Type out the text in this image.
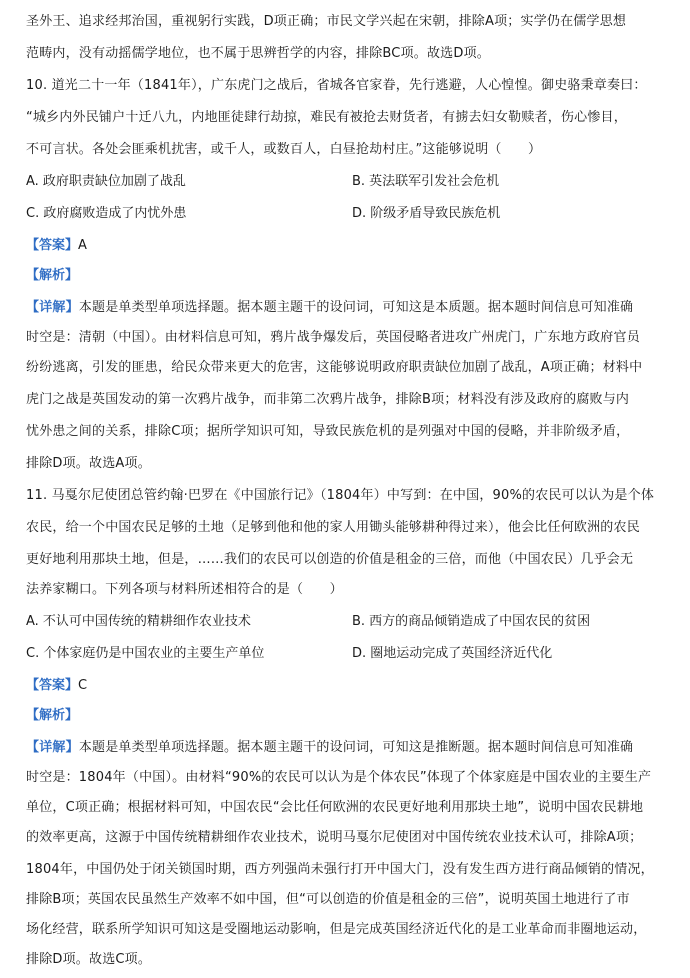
圣外王、追求经邦治国，重视躬行实践，D项正确；市民文学兴起在宋朝，排除A项；实学仍在儒学思想
范畴内，没有动摇儒学地位，也不属于思辨哲学的内容，排除BC项。故选D项。
10. 道光二十一年（1841年），广东虎门之战后，省城各官家眷，先行逃避，人心惶惶。御史骆秉章奏曰：
“城乡内外民铺户十迁八九，内地匪徒肆行劫掠，难民有被抢去财货者，有掳去妇女勒赎者，伤心惨目，
不可言状。各处会匪乘机扰害，或千人，或数百人，白昼抢劫村庄。”这能够说明（　　）
A. 政府职责缺位加剧了战乱	B. 英法联军引发社会危机
C. 政府腐败造成了内忧外患	D. 阶级矛盾导致民族危机
【答案】A
【解析】
【详解】本题是单类型单项选择题。据本题主题干的设问词，可知这是本质题。据本题时间信息可知准确
时空是：清朝（中国）。由材料信息可知，鸦片战争爆发后，英国侵略者进攻广州虎门，广东地方政府官员
纷纷逃离，引发的匪患，给民众带来更大的危害，这能够说明政府职责缺位加剧了战乱，A项正确；材料中
虎门之战是英国发动的第一次鸦片战争，而非第二次鸦片战争，排除B项；材料没有涉及政府的腐败与内
忧外患之间的关系，排除C项；据所学知识可知，导致民族危机的是列强对中国的侵略，并非阶级矛盾，
排除D项。故选A项。
11. 马戛尔尼使团总管约翰·巴罗在《中国旅行记》（1804年）中写到：在中国，90%的农民可以认为是个体
农民，给一个中国农民足够的土地（足够到他和他的家人用锄头能够耕种得过来），他会比任何欧洲的农民
更好地利用那块土地，但是，……我们的农民可以创造的价值是租金的三倍，而他（中国农民）几乎会无
法养家糊口。下列各项与材料所述相符合的是（　　）
A. 不认可中国传统的精耕细作农业技术	B. 西方的商品倾销造成了中国农民的贫困
C. 个体家庭仍是中国农业的主要生产单位	D. 圈地运动完成了英国经济近代化
【答案】C
【解析】
【详解】本题是单类型单项选择题。据本题主题干的设问词，可知这是推断题。据本题时间信息可知准确
时空是：1804年（中国）。由材料“90%的农民可以认为是个体农民”体现了个体家庭是中国农业的主要生产
单位，C项正确；根据材料可知，中国农民“会比任何欧洲的农民更好地利用那块土地”，说明中国农民耕地
的效率更高，这源于中国传统精耕细作农业技术，说明马戛尔尼使团对中国传统农业技术认可，排除A项；
1804年，中国仍处于闭关锁国时期，西方列强尚未强行打开中国大门，没有发生西方进行商品倾销的情况，
排除B项；英国农民虽然生产效率不如中国，但“可以创造的价值是租金的三倍”，说明英国土地进行了市
场化经营，联系所学知识可知这是受圈地运动影响，但是完成英国经济近代化的是工业革命而非圈地运动，
排除D项。故选C项。
